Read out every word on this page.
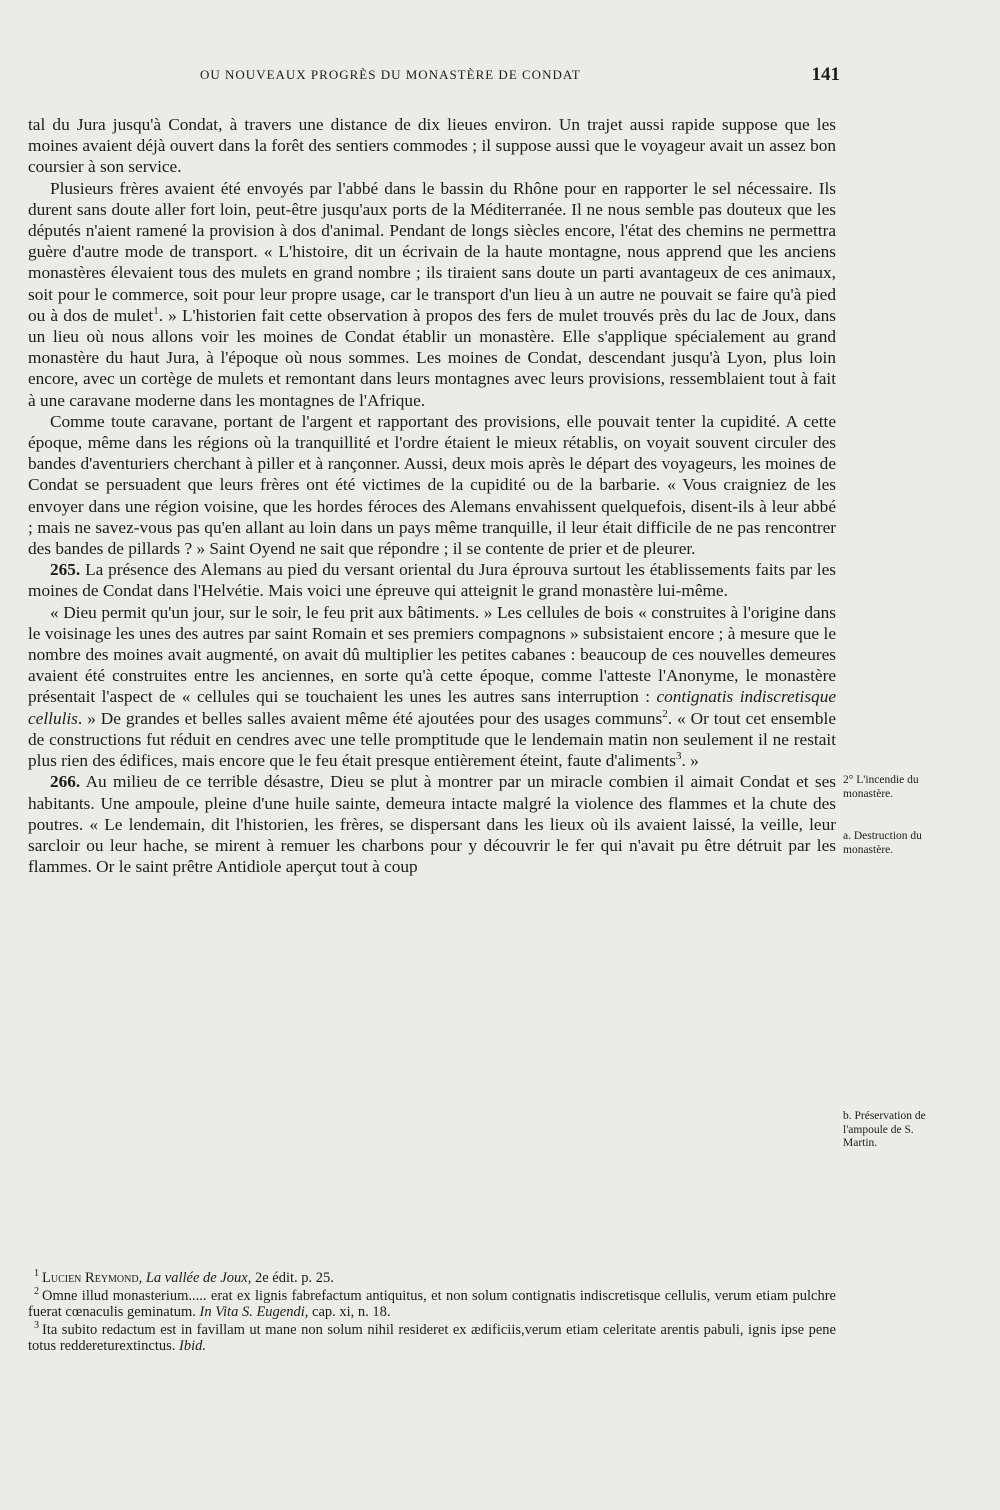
OU NOUVEAUX PROGRÈS DU MONASTÈRE DE CONDAT	141

tal du Jura jusqu'à Condat, à travers une distance de dix lieues environ. Un trajet aussi rapide suppose que les moines avaient déjà ouvert dans la forêt des sentiers commodes ; il suppose aussi que le voyageur avait un assez bon coursier à son service.

Plusieurs frères avaient été envoyés par l'abbé dans le bassin du Rhône pour en rapporter le sel nécessaire. Ils durent sans doute aller fort loin, peut-être jusqu'aux ports de la Méditerranée. Il ne nous semble pas douteux que les députés n'aient ramené la provision à dos d'animal. Pendant de longs siècles encore, l'état des chemins ne permettra guère d'autre mode de transport. « L'histoire, dit un écrivain de la haute montagne, nous apprend que les anciens monastères élevaient tous des mulets en grand nombre ; ils tiraient sans doute un parti avantageux de ces animaux, soit pour le commerce, soit pour leur propre usage, car le transport d'un lieu à un autre ne pouvait se faire qu'à pied ou à dos de mulet$^1$. » L'historien fait cette observation à propos des fers de mulet trouvés près du lac de Joux, dans un lieu où nous allons voir les moines de Condat établir un monastère. Elle s'applique spécialement au grand monastère du haut Jura, à l'époque où nous sommes. Les moines de Condat, descendant jusqu'à Lyon, plus loin encore, avec un cortège de mulets et remontant dans leurs montagnes avec leurs provisions, ressemblaient tout à fait à une caravane moderne dans les montagnes de l'Afrique.

Comme toute caravane, portant de l'argent et rapportant des provisions, elle pouvait tenter la cupidité. A cette époque, même dans les régions où la tranquillité et l'ordre étaient le mieux rétablis, on voyait souvent circuler des bandes d'aventuriers cherchant à piller et à rançonner. Aussi, deux mois après le départ des voyageurs, les moines de Condat se persuadent que leurs frères ont été victimes de la cupidité ou de la barbarie. « Vous craigniez de les envoyer dans une région voisine, que les hordes féroces des Alemans envahissent quelquefois, disent-ils à leur abbé ; mais ne savez-vous pas qu'en allant au loin dans un pays même tranquille, il leur était difficile de ne pas rencontrer des bandes de pillards ? » Saint Oyend ne sait que répondre ; il se contente de prier et de pleurer.

265. La présence des Alemans au pied du versant oriental du Jura éprouva surtout les établissements faits par les moines de Condat dans l'Helvétie. Mais voici une épreuve qui atteignit le grand monastère lui-même.

« Dieu permit qu'un jour, sur le soir, le feu prit aux bâtiments. » Les cellules de bois « construites à l'origine dans le voisinage les unes des autres par saint Romain et ses premiers compagnons » subsistaient encore ; à mesure que le nombre des moines avait augmenté, on avait dû multiplier les petites cabanes : beaucoup de ces nouvelles demeures avaient été construites entre les anciennes, en sorte qu'à cette époque, comme l'atteste l'Anonyme, le monastère présentait l'aspect de « cellules qui se touchaient les unes les autres sans interruption : contignatis indiscretisque cellulis. » De grandes et belles salles avaient même été ajoutées pour des usages communs$^2$. « Or tout cet ensemble de constructions fut réduit en cendres avec une telle promptitude que le lendemain matin non seulement il ne restait plus rien des édifices, mais encore que le feu était presque entièrement éteint, faute d'aliments$^3$. »

266. Au milieu de ce terrible désastre, Dieu se plut à montrer par un miracle combien il aimait Condat et ses habitants. Une ampoule, pleine d'une huile sainte, demeura intacte malgré la violence des flammes et la chute des poutres. « Le lendemain, dit l'historien, les frères, se dispersant dans les lieux où ils avaient laissé, la veille, leur sarcloir ou leur hache, se mirent à remuer les charbons pour y découvrir le fer qui n'avait pu être détruit par les flammes. Or le saint prêtre Antidiole aperçut tout à coup

2° L'incendie du monastère.
a. Destruction du monastère.
b. Préservation de l'ampoule de S. Martin.

$^1$ Lucien Reymond, La vallée de Joux, 2e édit. p. 25.

$^2$ Omne illud monasterium..... erat ex lignis fabrefactum antiquitus, et non solum contignatis indiscretisque cellulis, verum etiam pulchre fuerat cœnaculis geminatum. In Vita S. Eugendi, cap. xi, n. 18.

$^3$ Ita subito redactum est in favillam ut mane non solum nihil resideret ex ædificiis,verum etiam celeritate arentis pabuli, ignis ipse pene totus reddereturextinctus. Ibid.
